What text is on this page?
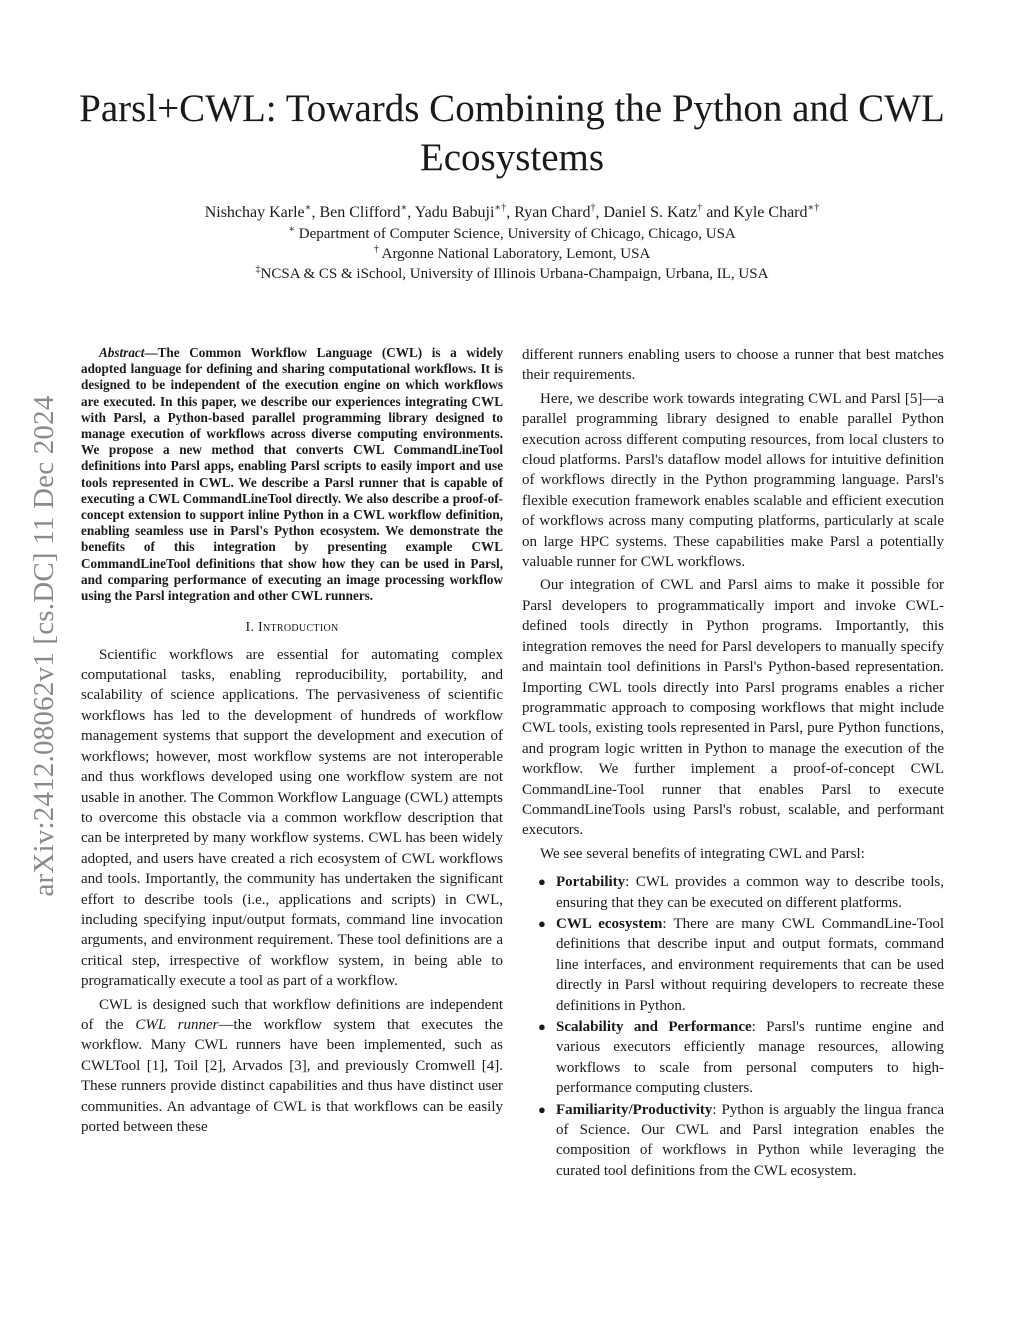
Parsl+CWL: Towards Combining the Python and CWL Ecosystems
Nishchay Karle∗, Ben Clifford∗, Yadu Babuji∗†, Ryan Chard†, Daniel S. Katz† and Kyle Chard∗†
∗ Department of Computer Science, University of Chicago, Chicago, USA
† Argonne National Laboratory, Lemont, USA
‡NCSA & CS & iSchool, University of Illinois Urbana-Champaign, Urbana, IL, USA
arXiv:2412.08062v1 [cs.DC] 11 Dec 2024

Abstract—The Common Workflow Language (CWL) is a widely adopted language for defining and sharing computational workflows. It is designed to be independent of the execution engine on which workflows are executed. In this paper, we describe our experiences integrating CWL with Parsl, a Python-based parallel programming library designed to manage execution of workflows across diverse computing environments. We propose a new method that converts CWL CommandLineTool definitions into Parsl apps, enabling Parsl scripts to easily import and use tools represented in CWL. We describe a Parsl runner that is capable of executing a CWL CommandLineTool directly. We also describe a proof-of-concept extension to support inline Python in a CWL workflow definition, enabling seamless use in Parsl's Python ecosystem. We demonstrate the benefits of this integration by presenting example CWL CommandLineTool definitions that show how they can be used in Parsl, and comparing performance of executing an image processing workflow using the Parsl integration and other CWL runners.

I. Introduction

Scientific workflows are essential for automating complex computational tasks, enabling reproducibility, portability, and scalability of science applications. The pervasiveness of scientific workflows has led to the development of hundreds of workflow management systems that support the development and execution of workflows; however, most workflow systems are not interoperable and thus workflows developed using one workflow system are not usable in another. The Common Workflow Language (CWL) attempts to overcome this obstacle via a common workflow description that can be interpreted by many workflow systems. CWL has been widely adopted, and users have created a rich ecosystem of CWL workflows and tools. Importantly, the community has undertaken the significant effort to describe tools (i.e., applications and scripts) in CWL, including specifying input/output formats, command line invocation arguments, and environment requirement. These tool definitions are a critical step, irrespective of workflow system, in being able to programatically execute a tool as part of a workflow.

CWL is designed such that workflow definitions are independent of the CWL runner—the workflow system that executes the workflow. Many CWL runners have been implemented, such as CWLTool [1], Toil [2], Arvados [3], and previously Cromwell [4]. These runners provide distinct capabilities and thus have distinct user communities. An advantage of CWL is that workflows can be easily ported between these

different runners enabling users to choose a runner that best matches their requirements.

Here, we describe work towards integrating CWL and Parsl [5]—a parallel programming library designed to enable parallel Python execution across different computing resources, from local clusters to cloud platforms. Parsl's dataflow model allows for intuitive definition of workflows directly in the Python programming language. Parsl's flexible execution framework enables scalable and efficient execution of workflows across many computing platforms, particularly at scale on large HPC systems. These capabilities make Parsl a potentially valuable runner for CWL workflows.

Our integration of CWL and Parsl aims to make it possible for Parsl developers to programmatically import and invoke CWL-defined tools directly in Python programs. Importantly, this integration removes the need for Parsl developers to manually specify and maintain tool definitions in Parsl's Python-based representation. Importing CWL tools directly into Parsl programs enables a richer programmatic approach to composing workflows that might include CWL tools, existing tools represented in Parsl, pure Python functions, and program logic written in Python to manage the execution of the workflow. We further implement a proof-of-concept CWL CommandLine-Tool runner that enables Parsl to execute CommandLineTools using Parsl's robust, scalable, and performant executors.

We see several benefits of integrating CWL and Parsl:

● Portability: CWL provides a common way to describe tools, ensuring that they can be executed on different platforms.
● CWL ecosystem: There are many CWL CommandLine-Tool definitions that describe input and output formats, command line interfaces, and environment requirements that can be used directly in Parsl without requiring developers to recreate these definitions in Python.
● Scalability and Performance: Parsl's runtime engine and various executors efficiently manage resources, allowing workflows to scale from personal computers to high-performance computing clusters.
● Familiarity/Productivity: Python is arguably the lingua franca of Science. Our CWL and Parsl integration enables the composition of workflows in Python while leveraging the curated tool definitions from the CWL ecosystem.
